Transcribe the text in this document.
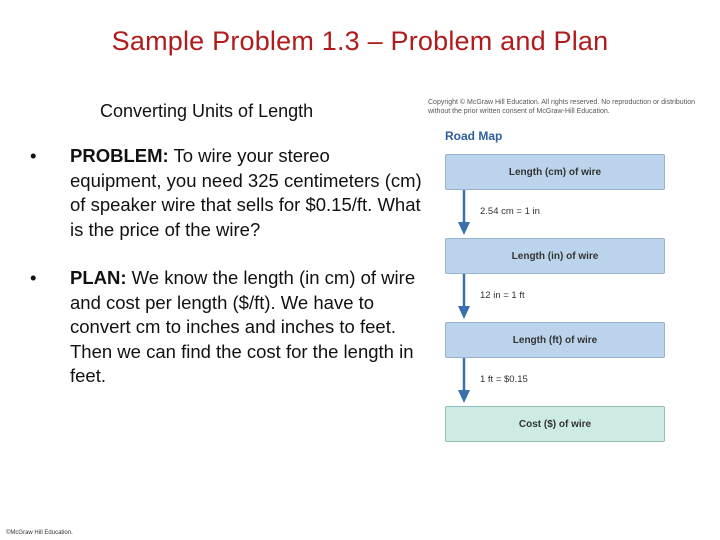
Sample Problem 1.3 – Problem and Plan
Converting Units of Length
• PROBLEM: To wire your stereo equipment, you need 325 centimeters (cm) of speaker wire that sells for $0.15/ft. What is the price of the wire?
• PLAN: We know the length (in cm) of wire and cost per length ($/ft). We have to convert cm to inches and inches to feet. Then we can find the cost for the length in feet.
Copyright © McGraw Hill Education. All rights reserved. No reproduction or distribution without the prior written consent of McGraw-Hill Education.
Road Map
Length (cm) of wire
2.54 cm = 1 in
Length (in) of wire
12 in = 1 ft
Length (ft) of wire
1 ft = $0.15
Cost ($) of wire
©McGraw Hill Education.
